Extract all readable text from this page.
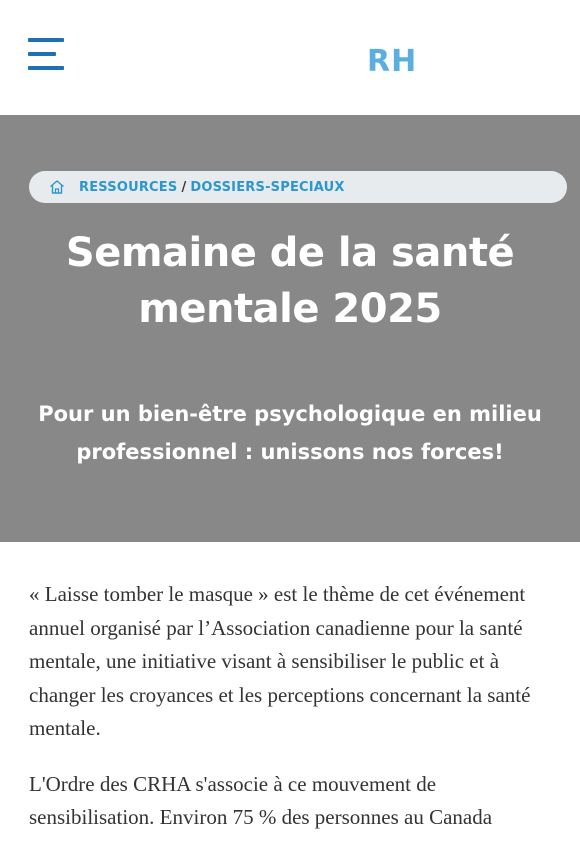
RH
RESSOURCES / DOSSIERS-SPECIAUX
Semaine de la santé mentale 2025
Pour un bien-être psychologique en milieu professionnel : unissons nos forces!

« Laisse tomber le masque » est le thème de cet événement annuel organisé par l’Association canadienne pour la santé mentale, une initiative visant à sensibiliser le public et à changer les croyances et les perceptions concernant la santé mentale.

L'Ordre des CRHA s'associe à ce mouvement de sensibilisation. Environ 75 % des personnes au Canada
